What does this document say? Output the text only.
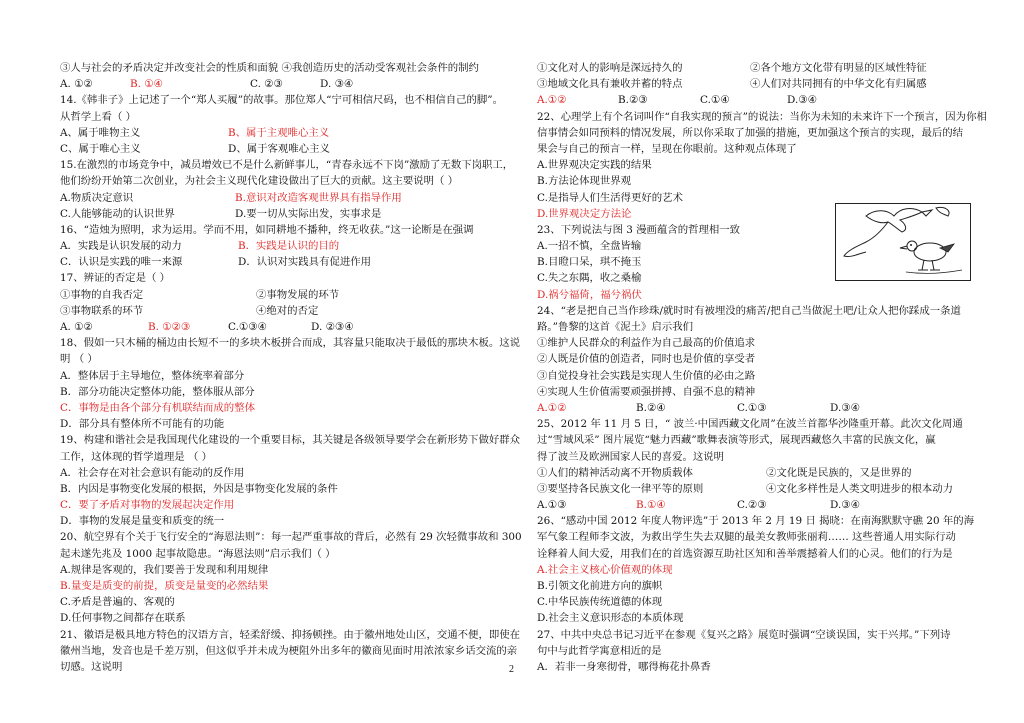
③人与社会的矛盾决定并改变社会的性质和面貌 ④我创造历史的活动受客观社会条件的制约
A. ①②	B. ①④	C. ②③	D. ③④
14.《韩非子》上记述了一个“郑人买履”的故事。那位郑人“宁可相信尺码，也不相信自己的脚”。
从哲学上看（ ）
A、属于唯物主义	B、属于主观唯心主义
C、属于唯心主义	D、属于客观唯心主义
15.在激烈的市场竞争中，减员增效已不是什么新鲜事儿，“青春永远不下岗”激励了无数下岗职工，
他们纷纷开始第二次创业，为社会主义现代化建设做出了巨大的贡献。这主要说明（ ）
A.物质决定意识	B.意识对改造客观世界具有指导作用
C.人能够能动的认识世界	D.要一切从实际出发，实事求是
16、“造烛为照明，求为运用。学而不用，如同耕地不播种，终无收获。”这一论断是在强调
A．实践是认识发展的动力	B．实践是认识的目的
C．认识是实践的唯一来源	D．认识对实践具有促进作用
17、辨证的否定是（ ）
①事物的自我否定	②事物发展的环节
③事物联系的环节	④绝对的否定
A. ①②	B. ①②③	C.①③④	D. ②③④
18、假如一只木桶的桶边由长短不一的多块木板拼合而成，其容量只能取决于最低的那块木板。这说
明 （ ）
A．整体居于主导地位，整体统率着部分
B．部分功能决定整体功能，整体服从部分
C．事物是由各个部分有机联结而成的整体
D．部分具有整体所不可能有的功能
19、构建和谐社会是我国现代化建设的一个重要目标，其关键是各级领导要学会在新形势下做好群众
工作，这体现的哲学道理是 （ ）
A．社会存在对社会意识有能动的反作用
B．内因是事物变化发展的根据，外因是事物变化发展的条件
C．要了矛盾对事物的发展起决定作用
D．事物的发展是量变和质变的统一
20、航空界有个关于飞行安全的“海恩法则”：每一起严重事故的背后，必然有 29 次轻微事故和 300
起未遂先兆及 1000 起事故隐患。“海恩法则”启示我们（ ）
A.规律是客观的，我们要善于发现和利用规律
B.量变是质变的前提，质变是量变的必然结果
C.矛盾是普遍的、客观的
D.任何事物之间都存在联系
21、徽语是极具地方特色的汉语方言，轻柔舒缓、抑扬顿挫。由于徽州地处山区，交通不便，即使在
徽州当地，发音也是千差万别，但这似乎并未成为梗阻外出多年的徽商见面时用浓浓家乡话交流的亲
切感。这说明
①文化对人的影响是深远持久的	②各个地方文化带有明显的区域性特征
③地域文化具有兼收并蓄的特点	④人们对共同拥有的中华文化有归属感
A.①②	B.②③	C.①④	D.③④
22、心理学上有个名词叫作“自我实现的预言”的说法：当你为未知的未来许下一个预言，因为你相
信事情会如同预料的情况发展，所以你采取了加强的措施，更加强这个预言的实现，最后的结
果会与自己的预言一样，呈现在你眼前。这种观点体现了
A.世界观决定实践的结果
B.方法论体现世界观
C.是指导人们生活得更好的艺术
D.世界观决定方法论
23、下列说法与图 3 漫画蕴含的哲理相一致
A.一招不慎，全盘皆输
B.目瞪口呆，琪不掩玉
C.失之东隅，收之桑榆
D.祸兮福倚，福兮祸伏
24、“老是把自己当作珍珠/就时时有被埋没的痛苦/把自己当做泥土吧/让众人把你踩成一条道
路。”鲁黎的这首《泥土》启示我们
①维护人民群众的利益作为自己最高的价值追求
②人既是价值的创造者，同时也是价值的享受者
③自觉投身社会实践是实现人生价值的必由之路
④实现人生价值需要顽强拼搏、自强不息的精神
A.①②	B.②④	C.①③	D.③④
25、2012 年 11 月 5 日，“ 波兰·中国西藏文化周”在波兰首都华沙隆重开幕。此次文化周通
过“雪域风采” 图片展览“魅力西藏”歌舞表演等形式，展现西藏悠久丰富的民族文化，赢
得了波兰及欧洲国家人民的喜爱。这说明
①人们的精神活动离不开物质载体	②文化既是民族的，又是世界的
③要坚持各民族文化一律平等的原则	④文化多样性是人类文明进步的根本动力
A.①③	B.①④	C.②③	D.③④
26、“感动中国 2012 年度人物评选”于 2013 年 2 月 19 日 揭晓：在南海默默守礁 20 年的海
军气象工程师李文波，为救出学生失去双腿的最美女教师张丽莉…… 这些普通人用实际行动
诠释着人间大爱，用我们在的首选资源互助社区知和善举震撼着人们的心灵。他们的行为是
A.社会主义核心价值观的体现
B.引领文化前进方向的旗帜
C.中华民族传统道德的体现
D.社会主义意识形态的本质体现
27、中共中央总书记习近平在参观《复兴之路》展览时强调“空谈误国，实干兴邦。”下列诗
句中与此哲学寓意相近的是
A．若非一身寒彻骨，哪得梅花扑鼻香
2
